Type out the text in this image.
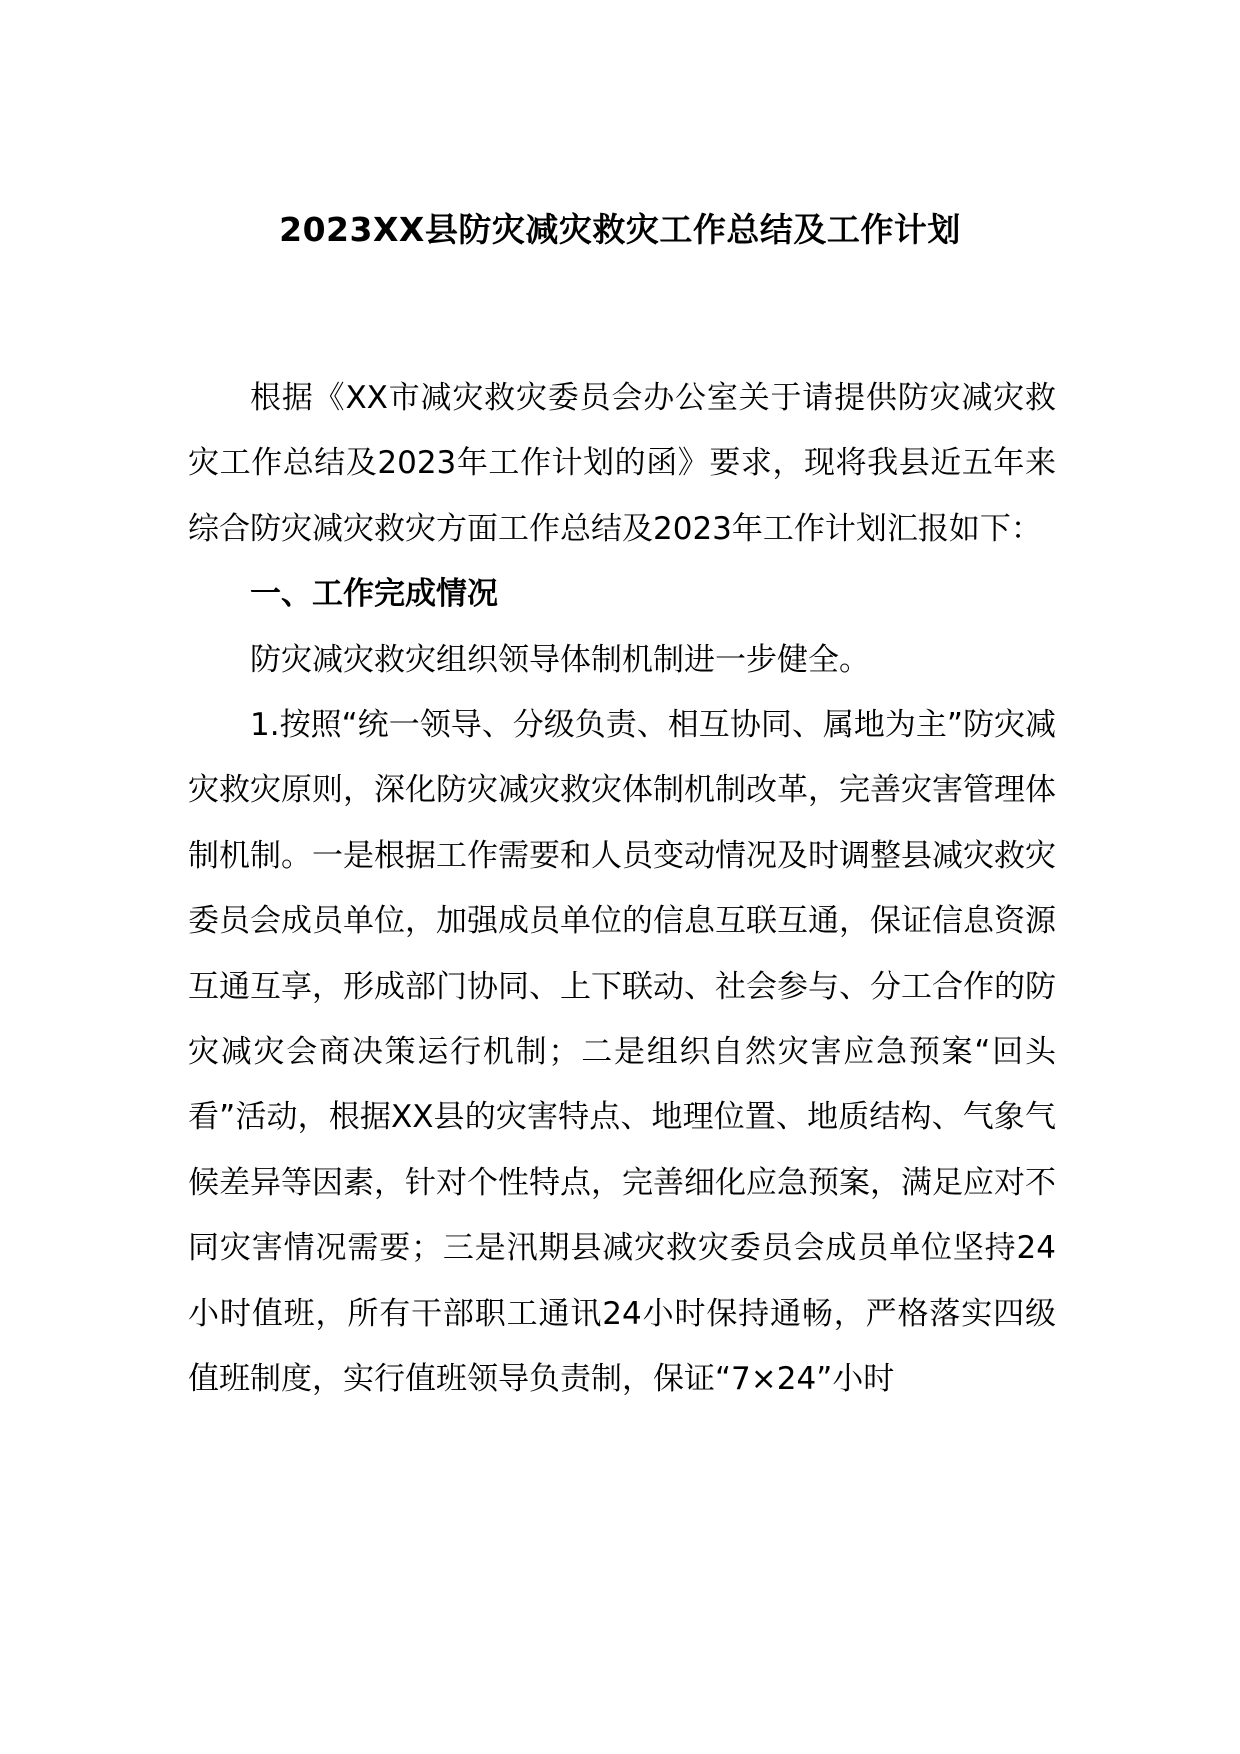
2023XX县防灾减灾救灾工作总结及工作计划

根据《XX市减灾救灾委员会办公室关于请提供防灾减灾救灾工作总结及2023年工作计划的函》要求，现将我县近五年来综合防灾减灾救灾方面工作总结及2023年工作计划汇报如下：

一、工作完成情况

防灾减灾救灾组织领导体制机制进一步健全。

1.按照“统一领导、分级负责、相互协同、属地为主”防灾减灾救灾原则，深化防灾减灾救灾体制机制改革，完善灾害管理体制机制。一是根据工作需要和人员变动情况及时调整县减灾救灾委员会成员单位，加强成员单位的信息互联互通，保证信息资源互通互享，形成部门协同、上下联动、社会参与、分工合作的防灾减灾会商决策运行机制；二是组织自然灾害应急预案“回头看”活动，根据XX县的灾害特点、地理位置、地质结构、气象气候差异等因素，针对个性特点，完善细化应急预案，满足应对不同灾害情况需要；三是汛期县减灾救灾委员会成员单位坚持24小时值班，所有干部职工通讯24小时保持通畅，严格落实四级值班制度，实行值班领导负责制，保证“7×24”小时
